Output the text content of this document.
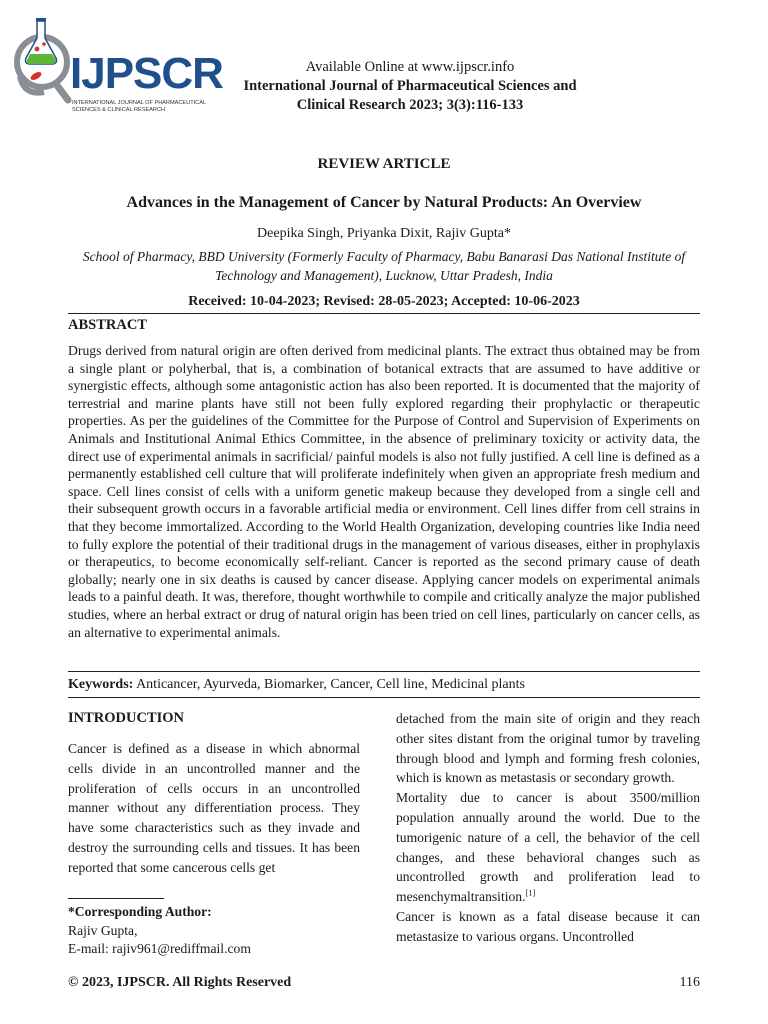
IJPSCR
INTERNATIONAL JOURNAL OF PHARMACEUTICAL SCIENCES & CLINICAL RESEARCH
Available Online at www.ijpscr.info
International Journal of Pharmaceutical Sciences and
Clinical Research 2023; 3(3):116-133
REVIEW ARTICLE
Advances in the Management of Cancer by Natural Products: An Overview
Deepika Singh, Priyanka Dixit, Rajiv Gupta*
School of Pharmacy, BBD University (Formerly Faculty of Pharmacy, Babu Banarasi Das National Institute of Technology and Management), Lucknow, Uttar Pradesh, India
Received: 10-04-2023; Revised: 28-05-2023; Accepted: 10-06-2023
ABSTRACT

Drugs derived from natural origin are often derived from medicinal plants. The extract thus obtained may be from a single plant or polyherbal, that is, a combination of botanical extracts that are assumed to have additive or synergistic effects, although some antagonistic action has also been reported. It is documented that the majority of terrestrial and marine plants have still not been fully explored regarding their prophylactic or therapeutic properties. As per the guidelines of the Committee for the Purpose of Control and Supervision of Experiments on Animals and Institutional Animal Ethics Committee, in the absence of preliminary toxicity or activity data, the direct use of experimental animals in sacrificial/ painful models is also not fully justified. A cell line is defined as a permanently established cell culture that will proliferate indefinitely when given an appropriate fresh medium and space. Cell lines consist of cells with a uniform genetic makeup because they developed from a single cell and their subsequent growth occurs in a favorable artificial media or environment. Cell lines differ from cell strains in that they become immortalized. According to the World Health Organization, developing countries like India need to fully explore the potential of their traditional drugs in the management of various diseases, either in prophylaxis or therapeutics, to become economically self-reliant. Cancer is reported as the second primary cause of death globally; nearly one in six deaths is caused by cancer disease. Applying cancer models on experimental animals leads to a painful death. It was, therefore, thought worthwhile to compile and critically analyze the major published studies, where an herbal extract or drug of natural origin has been tried on cell lines, particularly on cancer cells, as an alternative to experimental animals.

Keywords: Anticancer, Ayurveda, Biomarker, Cancer, Cell line, Medicinal plants
INTRODUCTION

Cancer is defined as a disease in which abnormal cells divide in an uncontrolled manner and the proliferation of cells occurs in an uncontrolled manner without any differentiation process. They have some characteristics such as they invade and destroy the surrounding cells and tissues. It has been reported that some cancerous cells get

detached from the main site of origin and they reach other sites distant from the original tumor by traveling through blood and lymph and forming fresh colonies, which is known as metastasis or secondary growth.

Mortality due to cancer is about 3500/million population annually around the world. Due to the tumorigenic nature of a cell, the behavior of the cell changes, and these behavioral changes such as uncontrolled growth and proliferation lead to mesenchymaltransition.[1]

Cancer is known as a fatal disease because it can metastasize to various organs. Uncontrolled

*Corresponding Author:
Rajiv Gupta,
E-mail: rajiv961@rediffmail.com
© 2023, IJPSCR. All Rights Reserved	116
